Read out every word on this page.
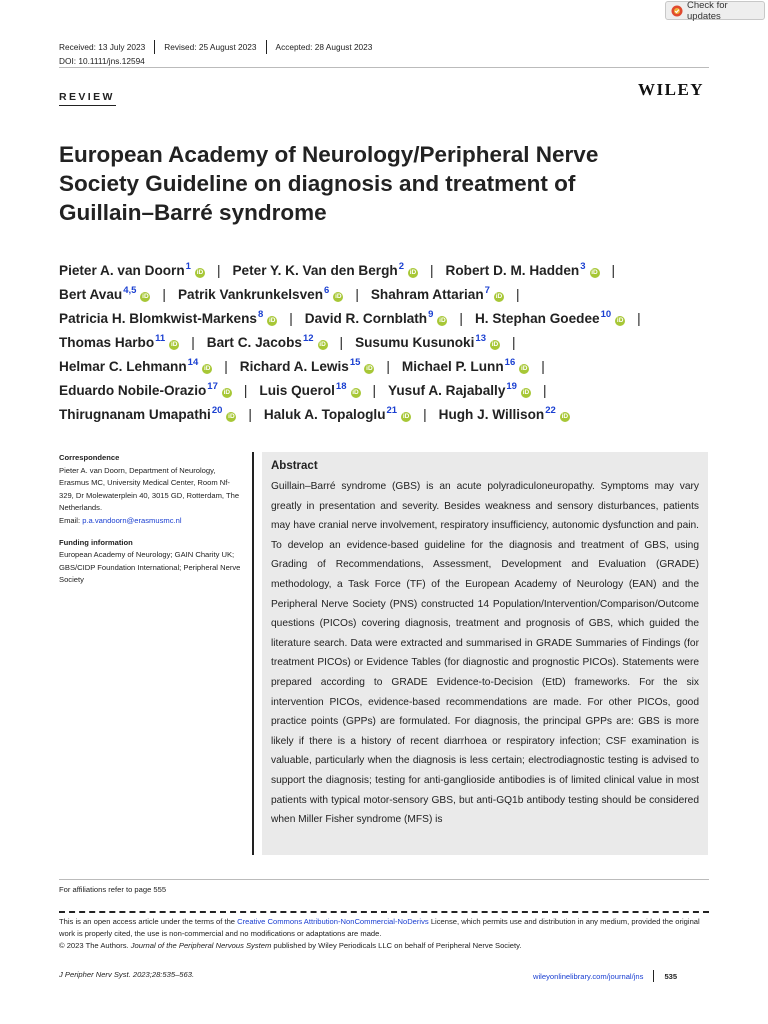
Check for updates
Received: 13 July 2023 Revised: 25 August 2023 Accepted: 28 August 2023
DOI: 10.1111/jns.12594
REVIEW	WILEY
European Academy of Neurology/Peripheral Nerve Society Guideline on diagnosis and treatment of Guillain–Barré syndrome
Pieter A. van Doorn$^1$iD | Peter Y. K. Van den Bergh$^2$iD | Robert D. M. Hadden$^3$iD |
Bert Avau$^{4,5}$iD | Patrik Vankrunkelsven$^6$iD | Shahram Attarian$^7$iD |
Patricia H. Blomkwist-Markens$^8$iD | David R. Cornblath$^9$iD | H. Stephan Goedee$^{10}$iD |
Thomas Harbo$^{11}$iD | Bart C. Jacobs$^{12}$iD | Susumu Kusunoki$^{13}$iD |
Helmar C. Lehmann$^{14}$iD | Richard A. Lewis$^{15}$iD | Michael P. Lunn$^{16}$iD |
Eduardo Nobile-Orazio$^{17}$iD | Luis Querol$^{18}$iD | Yusuf A. Rajabally$^{19}$iD |
Thirugnanam Umapathi$^{20}$iD | Haluk A. Topaloglu$^{21}$iD | Hugh J. Willison$^{22}$iD
Correspondence
Pieter A. van Doorn, Department of Neurology, Erasmus MC, University Medical Center, Room Nf-329, Dr Molewaterplein 40, 3015 GD, Rotterdam, The Netherlands.
Email: p.a.vandoorn@erasmusmc.nl
Funding information
European Academy of Neurology; GAIN Charity UK; GBS/CIDP Foundation International; Peripheral Nerve Society
Abstract

Guillain–Barré syndrome (GBS) is an acute polyradiculoneuropathy. Symptoms may vary greatly in presentation and severity. Besides weakness and sensory disturbances, patients may have cranial nerve involvement, respiratory insufficiency, autonomic dysfunction and pain. To develop an evidence-based guideline for the diagnosis and treatment of GBS, using Grading of Recommendations, Assessment, Development and Evaluation (GRADE) methodology, a Task Force (TF) of the European Academy of Neurology (EAN) and the Peripheral Nerve Society (PNS) constructed 14 Population/Intervention/Comparison/Outcome questions (PICOs) covering diagnosis, treatment and prognosis of GBS, which guided the literature search. Data were extracted and summarised in GRADE Summaries of Findings (for treatment PICOs) or Evidence Tables (for diagnostic and prognostic PICOs). Statements were prepared according to GRADE Evidence-to-Decision (EtD) frameworks. For the six intervention PICOs, evidence-based recommendations are made. For other PICOs, good practice points (GPPs) are formulated. For diagnosis, the principal GPPs are: GBS is more likely if there is a history of recent diarrhoea or respiratory infection; CSF examination is valuable, particularly when the diagnosis is less certain; electrodiagnostic testing is advised to support the diagnosis; testing for anti-ganglioside antibodies is of limited clinical value in most patients with typical motor-sensory GBS, but anti-GQ1b antibody testing should be considered when Miller Fisher syndrome (MFS) is

For affiliations refer to page 555

This is an open access article under the terms of the Creative Commons Attribution-NonCommercial-NoDerivs License, which permits use and distribution in any medium, provided the original work is properly cited, the use is non-commercial and no modifications or adaptations are made.
© 2023 The Authors. Journal of the Peripheral Nervous System published by Wiley Periodicals LLC on behalf of Peripheral Nerve Society.

J Peripher Nerv Syst. 2023;28:535–563.	wileyonlinelibrary.com/journal/jns	535
